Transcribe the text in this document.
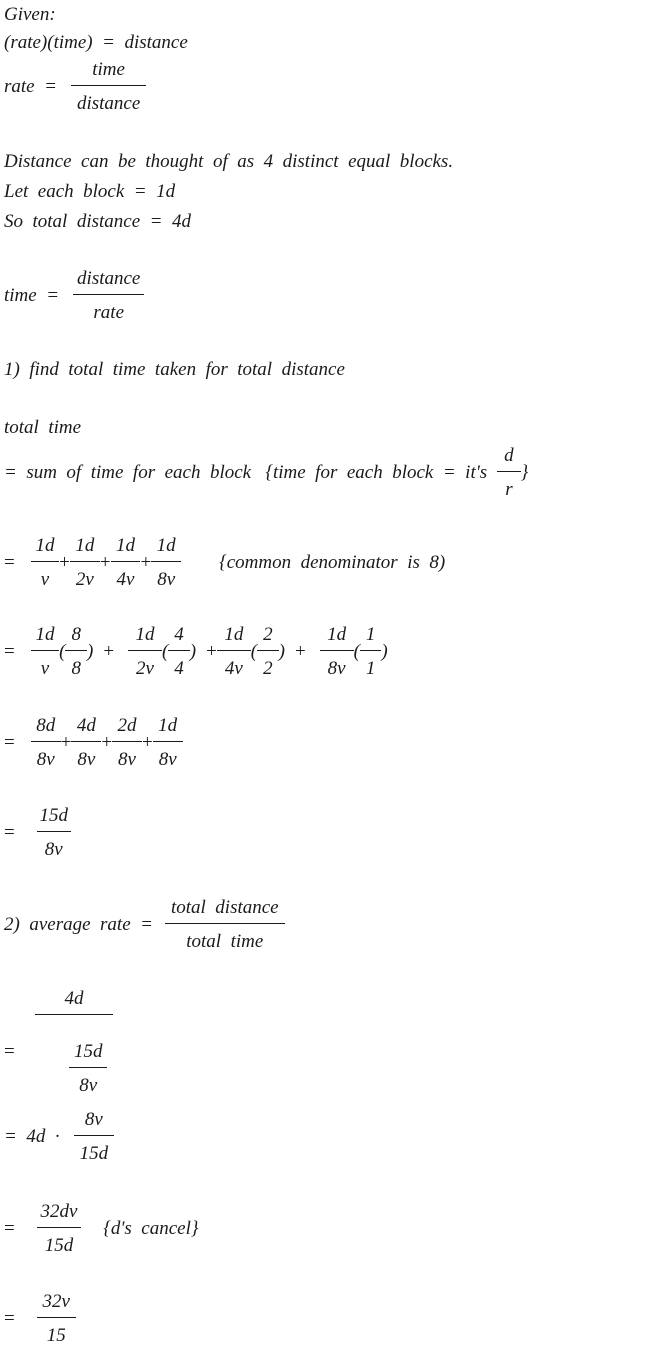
Given:
(rate)(time)  =  distance
rate  = $\frac{\text{time}}{\text{distance}}$
Distance  can  be  thought  of  as  4  distinct  equal  blocks.
Let  each  block  =  1d
So  total  distance  =  4d
time  = $\frac{\text{distance}}{\text{rate}}$
1)  find  total  time  taken  for  total  distance
total  time
=  sum  of  time  for  each  block   {time  for  each  block  =  $it's \frac{d}{r}$ }
= $\frac{1d}{v} + \frac{1d}{2v} + \frac{1d}{4v} + \frac{1d}{8v}$ {common  denominator  is  8)
= $\frac{1d}{v}$ ( $\frac{8}{8}$ ) + $\frac{1d}{2v}$ ( $\frac{4}{4}$ ) + $\frac{1d}{4v}$ ( $\frac{2}{2}$ ) + $\frac{1d}{8v}$ ( $\frac{1}{1}$ )
= $\frac{8d}{8v} + \frac{4d}{8v} + \frac{2d}{8v} + \frac{1d}{8v}$
= $\frac{15d}{8v}$
2)  average  rate  = $\frac{\text{total  distance}}{\text{total  time}}$
= $\frac{4d}{\frac{15d}{8v}}$

=  $4d \cdot \frac{8v}{15d}$
= $\frac{32dv}{15d} \{d's$  cancel}
= $\frac{32v}{15}$
